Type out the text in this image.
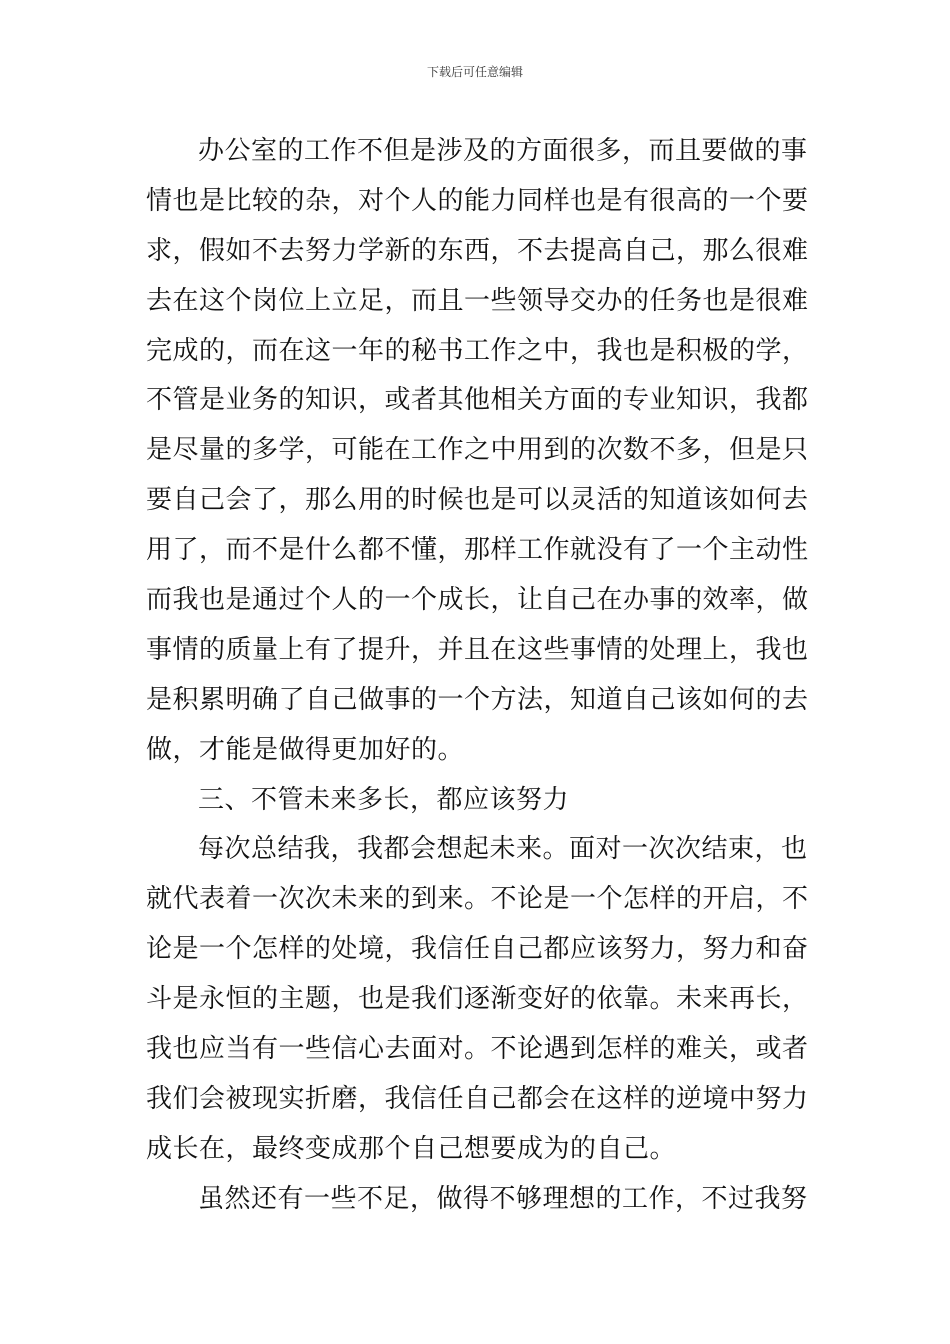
下载后可任意编辑
办公室的工作不但是涉及的方面很多，而且要做的事
情也是比较的杂，对个人的能力同样也是有很高的一个要
求，假如不去努力学新的东西，不去提高自己，那么很难
去在这个岗位上立足，而且一些领导交办的任务也是很难
完成的，而在这一年的秘书工作之中，我也是积极的学，
不管是业务的知识，或者其他相关方面的专业知识，我都
是尽量的多学，可能在工作之中用到的次数不多，但是只
要自己会了，那么用的时候也是可以灵活的知道该如何去
用了，而不是什么都不懂，那样工作就没有了一个主动性
而我也是通过个人的一个成长，让自己在办事的效率，做
事情的质量上有了提升，并且在这些事情的处理上，我也
是积累明确了自己做事的一个方法，知道自己该如何的去
做，才能是做得更加好的。
三、不管未来多长，都应该努力
每次总结我，我都会想起未来。面对一次次结束，也
就代表着一次次未来的到来。不论是一个怎样的开启，不
论是一个怎样的处境，我信任自己都应该努力，努力和奋
斗是永恒的主题，也是我们逐渐变好的依靠。未来再长，
我也应当有一些信心去面对。不论遇到怎样的难关，或者
我们会被现实折磨，我信任自己都会在这样的逆境中努力
成长在，最终变成那个自己想要成为的自己。
虽然还有一些不足，做得不够理想的工作，不过我努
